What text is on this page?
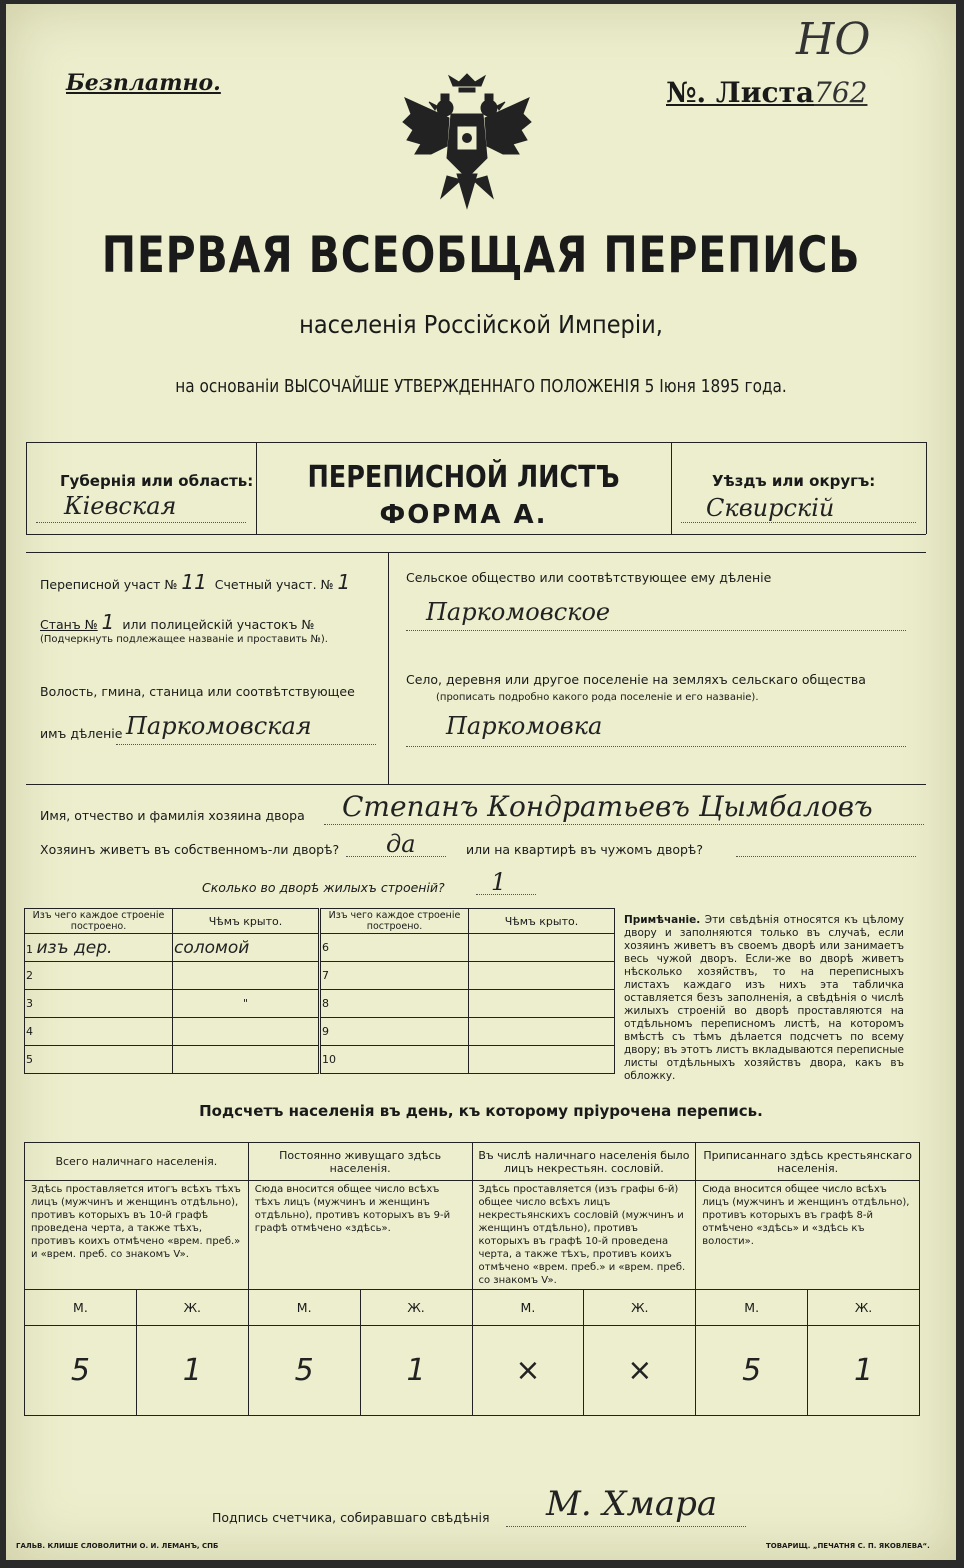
Безплатно.
НО
№. Листа762
ПЕРВАЯ ВСЕОБЩАЯ ПЕРЕПИСЬ
населенія Россійской Имперіи,
на основаніи ВЫСОЧАЙШЕ УТВЕРЖДЕННАГО ПОЛОЖЕНІЯ 5 Іюня 1895 года.
Губернія или область:
Кіевская
ПЕРЕПИСНОЙ ЛИСТЪ
ФОРМА А.
Уѣздъ или округъ:
Сквирскій
Переписной участ № 11 Счетный участ. № 1
Станъ № 1 или полицейскій участокъ №
(Подчеркнуть подлежащее названіе и проставить №).
Волость, гмина, станица или соотвѣтствующее
имъ дѣленіе Паркомовская
Сельское общество или соотвѣтствующее ему дѣленіе
Паркомовское
Село, деревня или другое поселеніе на земляхъ сельскаго общества
(прописать подробно какого рода поселеніе и его названіе).
Паркомовка
Имя, отчество и фамилія хозяина двора Степанъ Кондратьевъ Цымбаловъ
Хозяинъ живетъ въ собственномъ-ли дворѣ? да	или на квартирѣ въ чужомъ дворѣ?
Сколько во дворѣ жилыхъ строеній? 1
Изъ чего каждое строеніе построено.	Чѣмъ крыто.
1 изъ дер.	соломой
2	
3	"
4	
5	
Изъ чего каждое строеніе построено.	Чѣмъ крыто.
6	
7	
8	
9	
10	
Примѣчаніе. Эти свѣдѣнія относятся къ цѣлому двору и заполняются только въ случаѣ, если хозяинъ живетъ въ своемъ дворѣ или занимаетъ весь чужой дворъ. Если-же во дворѣ живетъ нѣсколько хозяйствъ, то на переписныхъ листахъ каждаго изъ нихъ эта табличка оставляется безъ заполненія, а свѣдѣнія о числѣ жилыхъ строеній во дворѣ проставляются на отдѣльномъ переписномъ листѣ, на которомъ вмѣстѣ съ тѣмъ дѣлается подсчетъ по всему двору; въ этотъ листъ вкладываются переписные листы отдѣльныхъ хозяйствъ двора, какъ въ обложку.
Подсчетъ населенія въ день, къ которому пріурочена перепись.
Всего наличнаго населенія.		Постоянно живущаго здѣсь населенія.		Въ числѣ наличнаго населенія было лицъ некрестьян. сословій.		Приписаннаго здѣсь крестьянскаго населенія.	
Здѣсь проставляется итогъ всѣхъ тѣхъ лицъ (мужчинъ и женщинъ отдѣльно), противъ которыхъ въ 10-й графѣ проведена черта, а также тѣхъ, противъ коихъ отмѣчено «врем. преб.» и «врем. преб. со знакомъ V».		Сюда вносится общее число всѣхъ тѣхъ лицъ (мужчинъ и женщинъ отдѣльно), противъ которыхъ въ 9-й графѣ отмѣчено «здѣсь».		Здѣсь проставляется (изъ графы 6-й) общее число всѣхъ лицъ некрестьянскихъ сословій (мужчинъ и женщинъ отдѣльно), противъ которыхъ въ графѣ 10-й проведена черта, а также тѣхъ, противъ коихъ отмѣчено «врем. преб.» и «врем. преб. со знакомъ V».		Сюда вносится общее число всѣхъ лицъ (мужчинъ и женщинъ отдѣльно), противъ которыхъ въ графѣ 8-й отмѣчено «здѣсь» и «здѣсь къ волости».	
М.	Ж.	М.	Ж.	М.	Ж.	М.	Ж.
5	1	5	1	×	×	5	1
Подпись счетчика, собиравшаго свѣдѣнія М. Хмара
ГАЛЬВ. КЛИШЕ СЛОВОЛИТНИ О. И. ЛЕМАНЪ, СПБ	ТОВАРИЩ. „ПЕЧАТНЯ С. П. ЯКОВЛЕВА“.
